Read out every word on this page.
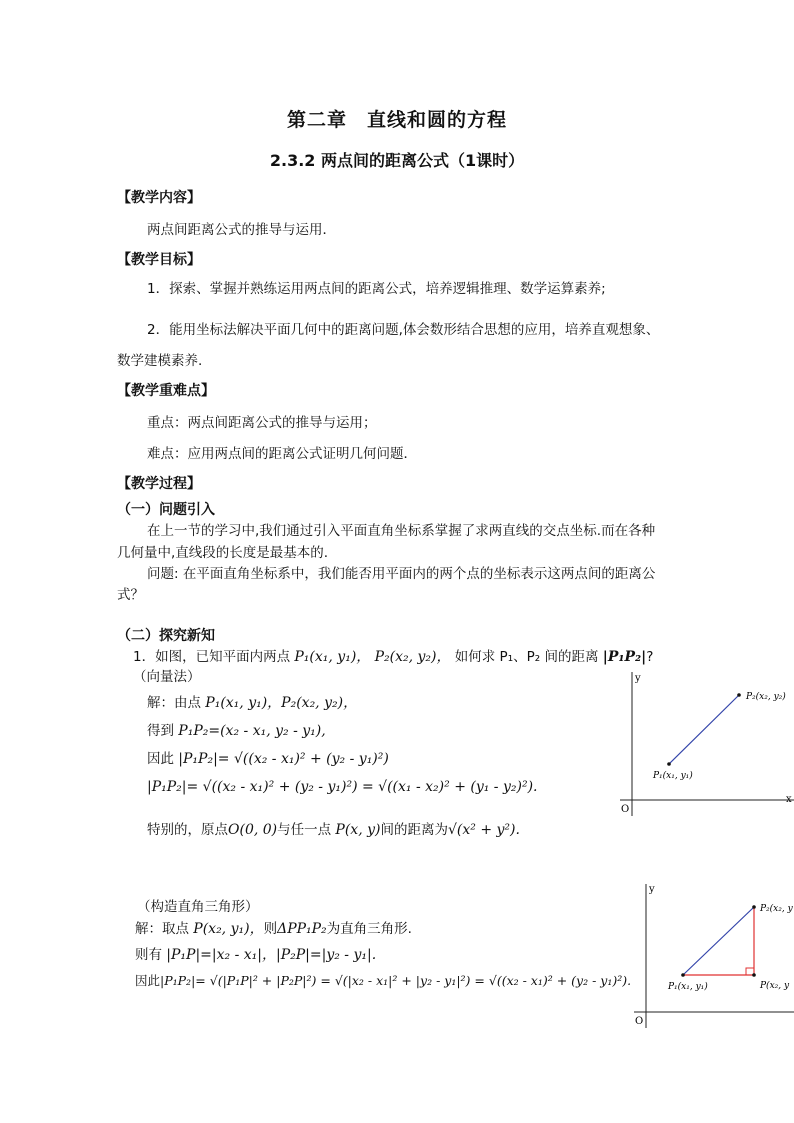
第二章　直线和圆的方程
2.3.2 两点间的距离公式（1课时）
【教学内容】
两点间距离公式的推导与运用．
【教学目标】
1．探索、掌握并熟练运用两点间的距离公式，培养逻辑推理、数学运算素养;
2．能用坐标法解决平面几何中的距离问题,体会数形结合思想的应用，培养直观想象、
数学建模素养.
【教学重难点】
重点：两点间距离公式的推导与运用；
难点：应用两点间的距离公式证明几何问题．
【教学过程】
（一）问题引入
在上一节的学习中,我们通过引入平面直角坐标系掌握了求两直线的交点坐标.而在各种
几何量中,直线段的长度是最基本的.
问题: 在平面直角坐标系中，我们能否用平面内的两个点的坐标表示这两点间的距离公
式？
（二）探究新知
1．如图，已知平面内两点 P₁(x₁, y₁)， P₂(x₂, y₂)， 如何求 P₁、P₂ 间的距离 |P₁P₂|?
（向量法）
解：由点 P₁(x₁, y₁)，P₂(x₂, y₂)，
得到 P₁P₂=(x₂ - x₁, y₂ - y₁),
因此 |P₁P₂|= √((x₂ - x₁)² + (y₂ - y₁)²)
|P₁P₂|= √((x₂ - x₁)² + (y₂ - y₁)²) = √((x₁ - x₂)² + (y₁ - y₂)²).
特别的，原点O(0, 0)与任一点 P(x, y)间的距离为√(x² + y²).
（构造直角三角形）
解：取点 P(x₂, y₁)，则ΔPP₁P₂为直角三角形.
则有 |P₁P|=|x₂ - x₁|，|P₂P|=|y₂ - y₁|.
因此|P₁P₂|= √(|P₁P|² + |P₂P|²) = √(|x₂ - x₁|² + |y₂ - y₁|²) = √((x₂ - x₁)² + (y₂ - y₁)²).
y
x
O
P₁(x₁, y₁)
P₂(x₂, y₂)
y
O
P₁(x₁, y₁)
P₂(x₂, y
P(x₂, y
